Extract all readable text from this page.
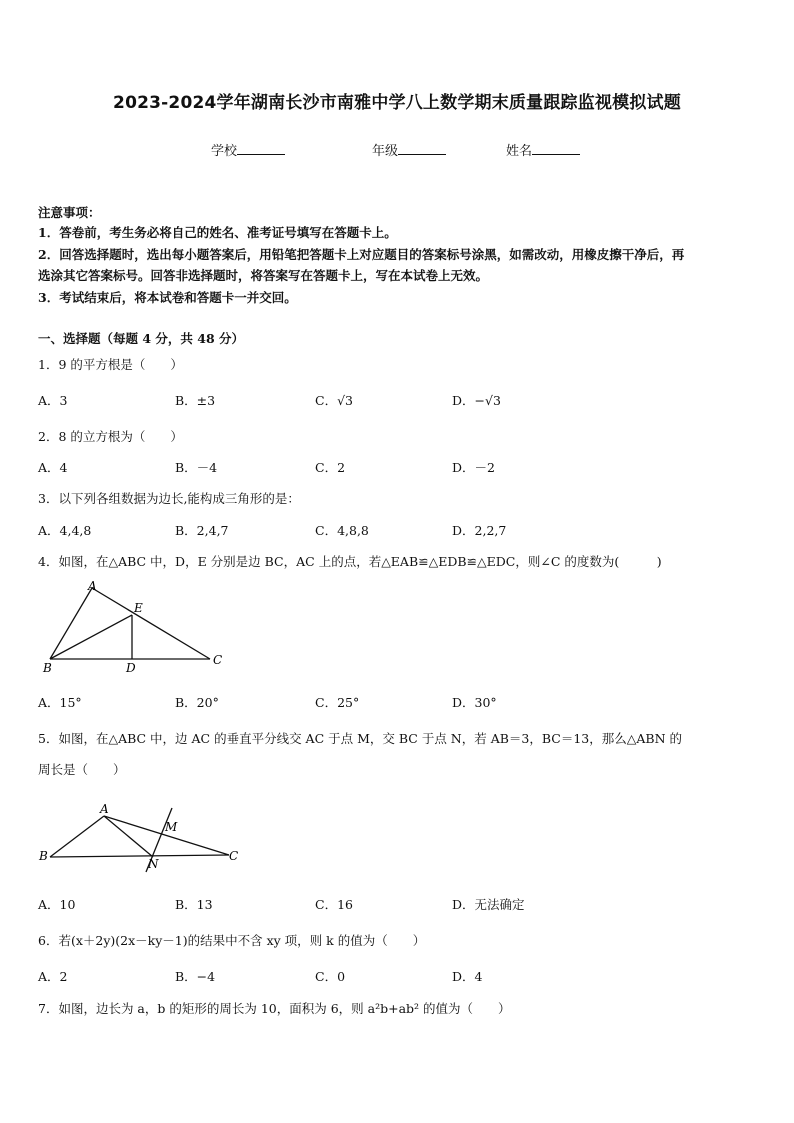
2023-2024学年湖南长沙市南雅中学八上数学期末质量跟踪监视模拟试题
学校	年级	姓名
注意事项：
1．答卷前，考生务必将自己的姓名、准考证号填写在答题卡上。
2．回答选择题时，选出每小题答案后，用铅笔把答题卡上对应题目的答案标号涂黑，如需改动，用橡皮擦干净后，再
选涂其它答案标号。回答非选择题时，将答案写在答题卡上，写在本试卷上无效。
3．考试结束后，将本试卷和答题卡一并交回。
一、选择题（每题 4 分，共 48 分）
1．9 的平方根是（　　）
A．3	B．±3	C．√3	D．−√3
2．8 的立方根为（　　）
A．4	B．－4	C．2	D．－2
3．以下列各组数据为边长,能构成三角形的是：
A．4,4,8	B．2,4,7	C．4,8,8	D．2,2,7
4．如图，在△ABC 中，D，E 分别是边 BC，AC 上的点，若△EAB≌△EDB≌△EDC，则∠C 的度数为(　　　)
A
E
B	D
C
A．15°	B．20°	C．25°	D．30°
5．如图，在△ABC 中，边 AC 的垂直平分线交 AC 于点 M，交 BC 于点 N，若 AB＝3，BC＝13，那么△ABN 的
周长是（　　）
A
M
B
N
C
A．10	B．13	C．16	D．无法确定
6．若(x＋2y)(2x－ky－1)的结果中不含 xy 项，则 k 的值为（　　）
A．2	B．−4	C．0	D．4
7．如图，边长为 a，b 的矩形的周长为 10，面积为 6，则 a²b+ab² 的值为（　　）
